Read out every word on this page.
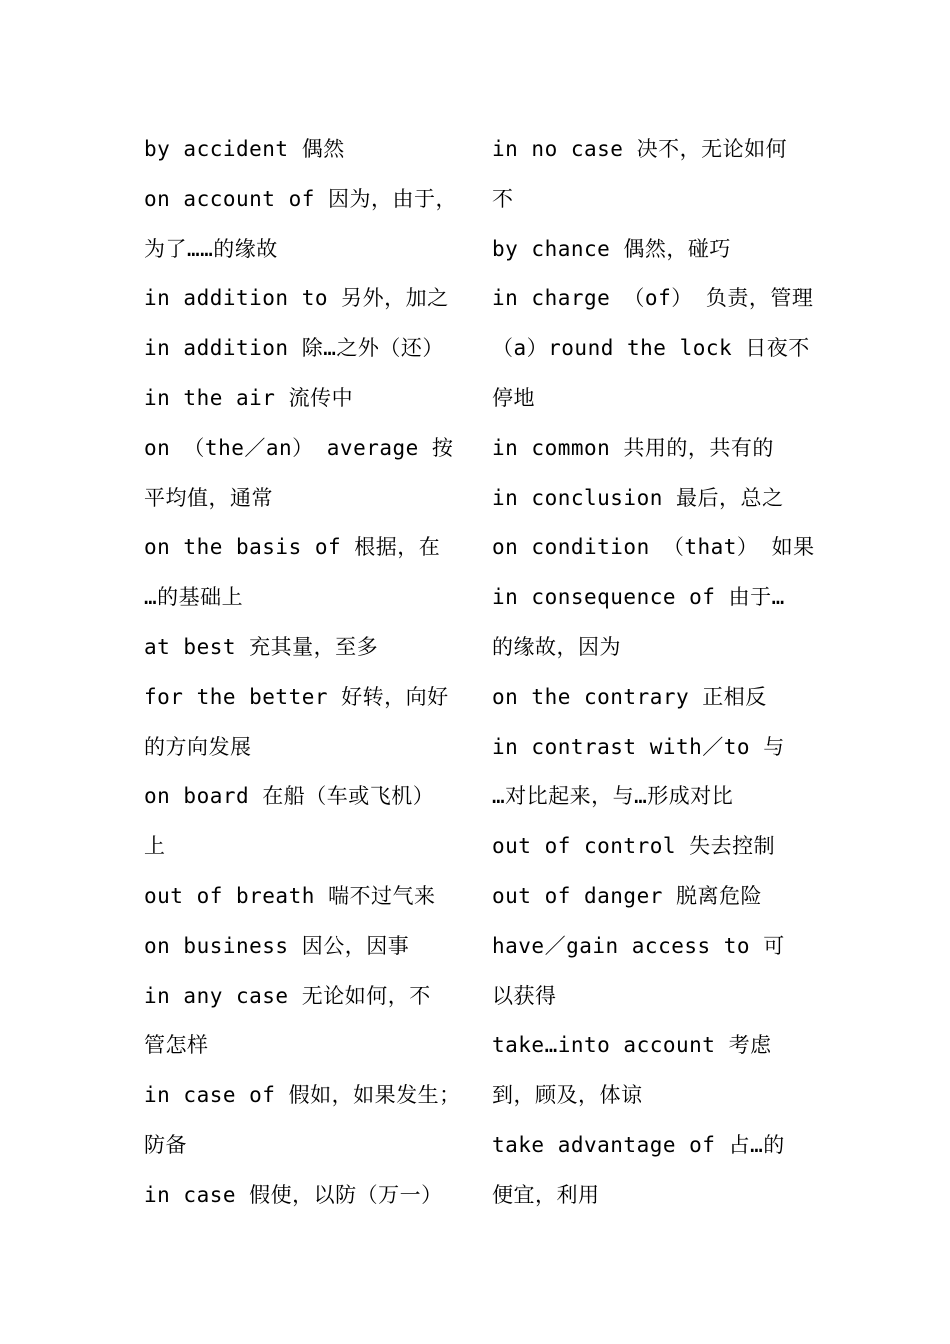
by accident 偶然
on account of 因为，由于，
为了……的缘故
in addition to 另外，加之
in addition 除…之外（还）
in the air 流传中
on （the／an） average 按
平均值，通常
on the basis of 根据，在
…的基础上
at best 充其量，至多
for the better 好转，向好
的方向发展
on board 在船（车或飞机）
上
out of breath 喘不过气来
on business 因公，因事
in any case 无论如何，不
管怎样
in case of 假如，如果发生；
防备
in case 假使，以防（万一）
in no case 决不，无论如何
不
by chance 偶然，碰巧
in charge （of） 负责，管理
（a）round the lock 日夜不
停地
in common 共用的，共有的
in conclusion 最后，总之
on condition （that） 如果
in consequence of 由于…
的缘故，因为
on the contrary 正相反
in contrast with／to 与
…对比起来，与…形成对比
out of control 失去控制
out of danger 脱离危险
have／gain access to 可
以获得
take…into account 考虑
到，顾及，体谅
take advantage of 占…的
便宜，利用
